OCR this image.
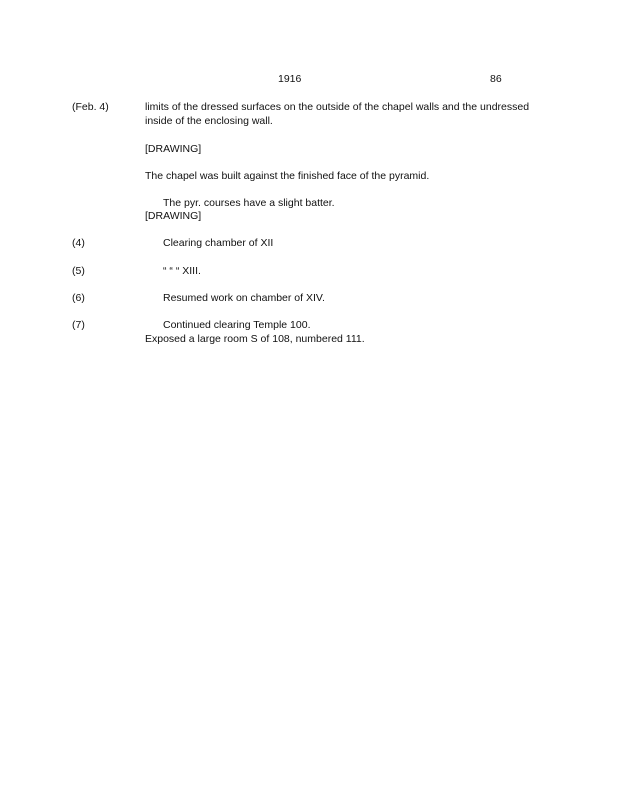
1916	86
(Feb. 4)	limits of the dressed surfaces on the outside of the chapel walls and the undressed
inside of the enclosing wall.
[DRAWING]
The chapel was built against the finished face of the pyramid.
The pyr. courses have a slight batter.
[DRAWING]
(4)	Clearing chamber of XII
(5)	“ “ “ XIII.
(6)	Resumed work on chamber of XIV.
(7)	Continued clearing Temple 100.
Exposed a large room S of 108, numbered 111.
